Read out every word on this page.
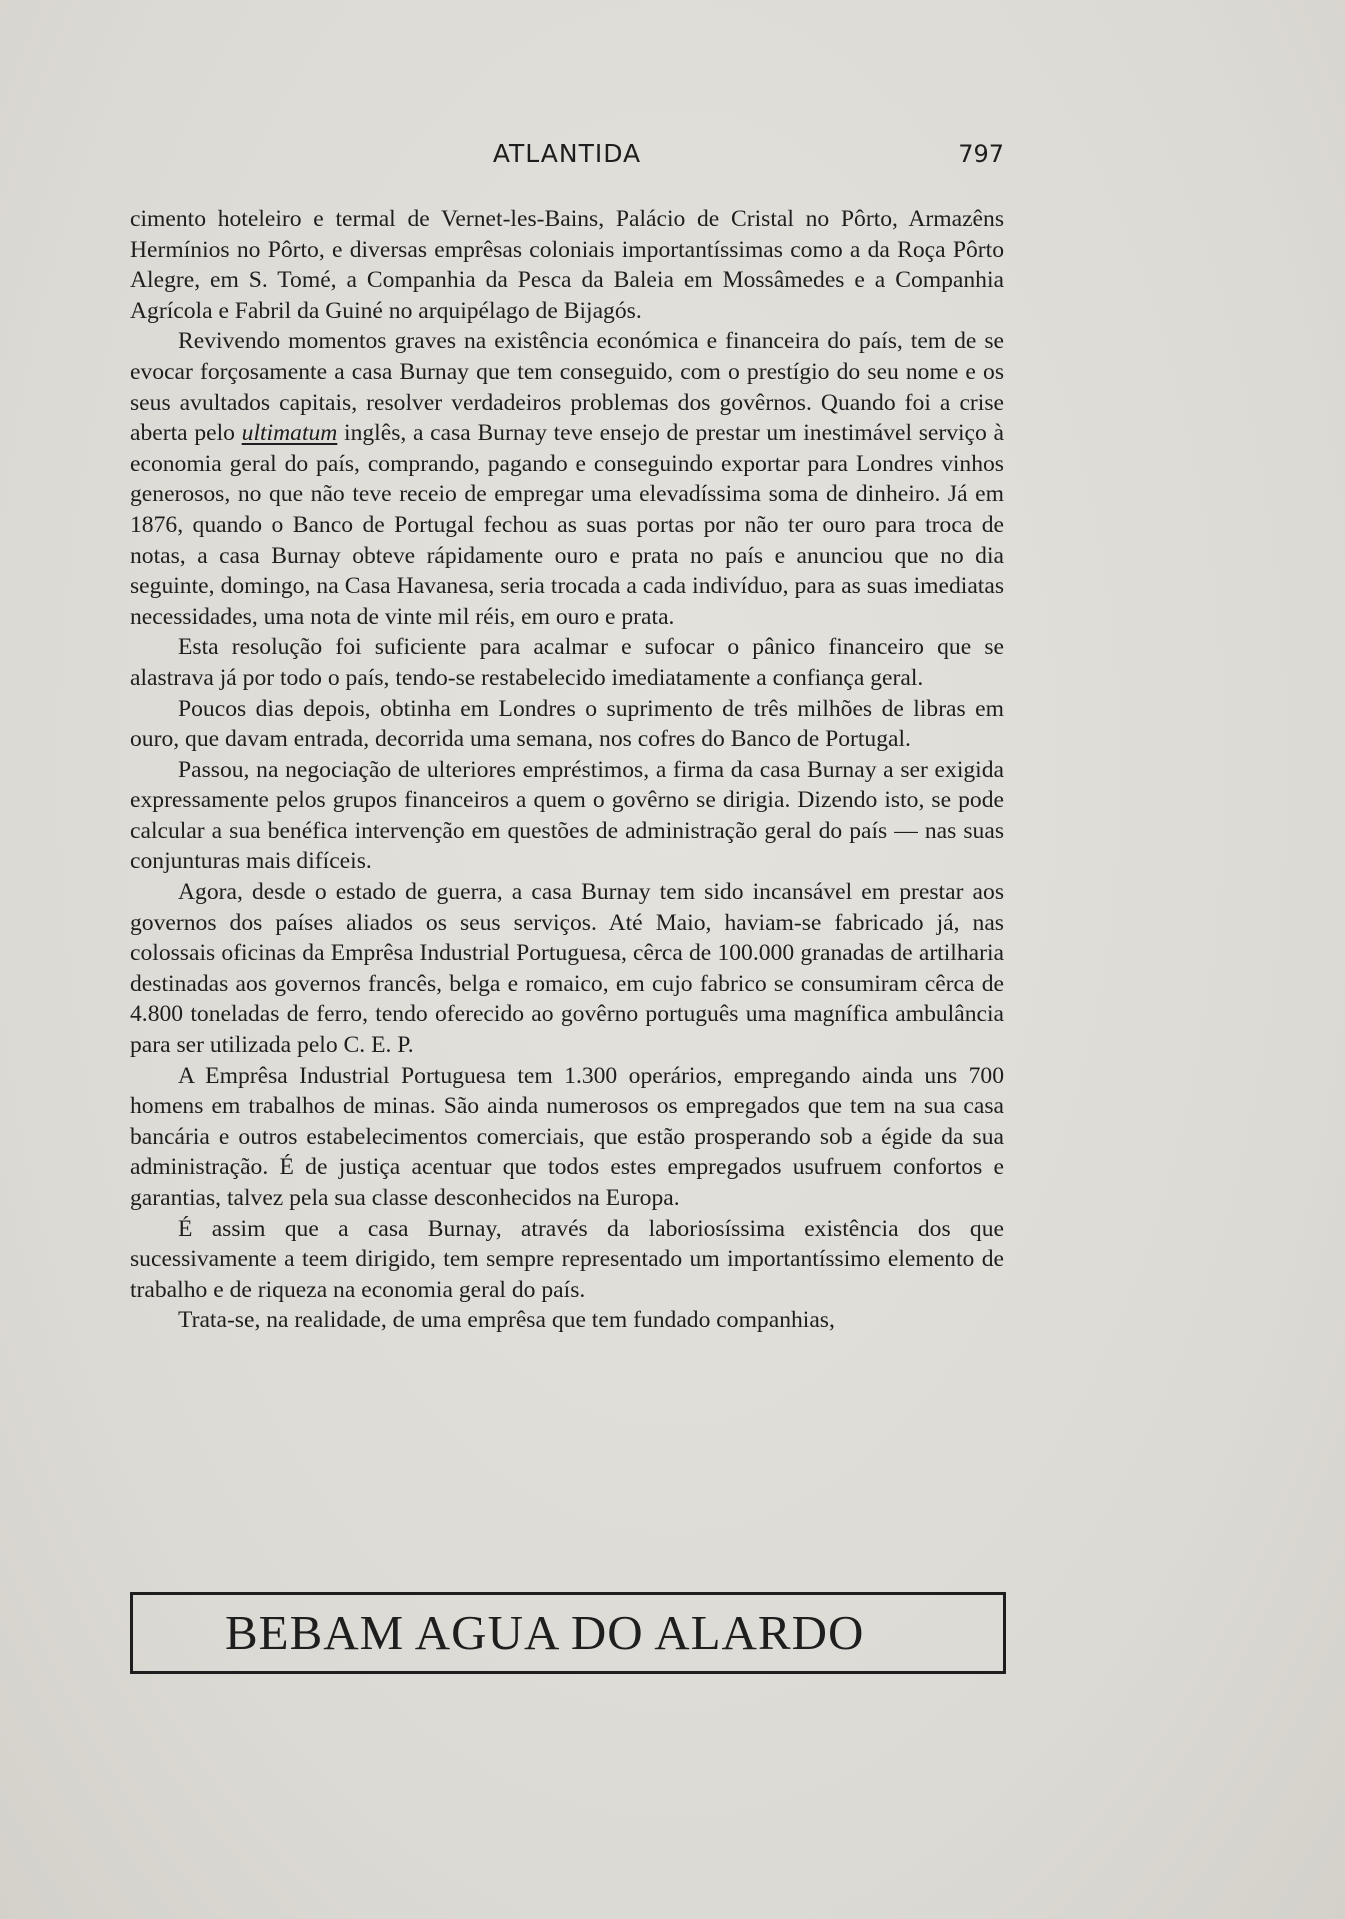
ATLANTIDA	797

cimento hoteleiro e termal de Vernet-les-Bains, Palácio de Cristal no Pôrto, Armazêns Hermínios no Pôrto, e diversas emprêsas coloniais importantíssimas como a da Roça Pôrto Alegre, em S. Tomé, a Companhia da Pesca da Baleia em Mossâmedes e a Companhia Agrícola e Fabril da Guiné no arquipélago de Bijagós.

Revivendo momentos graves na existência económica e financeira do país, tem de se evocar forçosamente a casa Burnay que tem conseguido, com o prestígio do seu nome e os seus avultados capitais, resolver verdadeiros problemas dos govêrnos. Quando foi a crise aberta pelo ultimatum inglês, a casa Burnay teve ensejo de prestar um inestimável serviço à economia geral do país, comprando, pagando e conseguindo exportar para Londres vinhos generosos, no que não teve receio de empregar uma elevadíssima soma de dinheiro. Já em 1876, quando o Banco de Portugal fechou as suas portas por não ter ouro para troca de notas, a casa Burnay obteve rápidamente ouro e prata no país e anunciou que no dia seguinte, domingo, na Casa Havanesa, seria trocada a cada indivíduo, para as suas imediatas necessidades, uma nota de vinte mil réis, em ouro e prata.

Esta resolução foi suficiente para acalmar e sufocar o pânico financeiro que se alastrava já por todo o país, tendo-se restabelecido imediatamente a confiança geral.

Poucos dias depois, obtinha em Londres o suprimento de três milhões de libras em ouro, que davam entrada, decorrida uma semana, nos cofres do Banco de Portugal.

Passou, na negociação de ulteriores empréstimos, a firma da casa Burnay a ser exigida expressamente pelos grupos financeiros a quem o govêrno se dirigia. Dizendo isto, se pode calcular a sua benéfica intervenção em questões de administração geral do país — nas suas conjunturas mais difíceis.

Agora, desde o estado de guerra, a casa Burnay tem sido incansável em prestar aos governos dos países aliados os seus serviços. Até Maio, haviam-se fabricado já, nas colossais oficinas da Emprêsa Industrial Portuguesa, cêrca de 100.000 granadas de artilharia destinadas aos governos francês, belga e romaico, em cujo fabrico se consumiram cêrca de 4.800 toneladas de ferro, tendo oferecido ao govêrno português uma magnífica ambulância para ser utilizada pelo C. E. P.

A Emprêsa Industrial Portuguesa tem 1.300 operários, empregando ainda uns 700 homens em trabalhos de minas. São ainda numerosos os empregados que tem na sua casa bancária e outros estabelecimentos comerciais, que estão prosperando sob a égide da sua administração. É de justiça acentuar que todos estes empregados usufruem confortos e garantias, talvez pela sua classe desconhecidos na Europa.

É assim que a casa Burnay, através da laboriosíssima existência dos que sucessivamente a teem dirigido, tem sempre representado um importantíssimo elemento de trabalho e de riqueza na economia geral do país.

Trata-se, na realidade, de uma emprêsa que tem fundado companhias,

BEBAM AGUA DO ALARDO
